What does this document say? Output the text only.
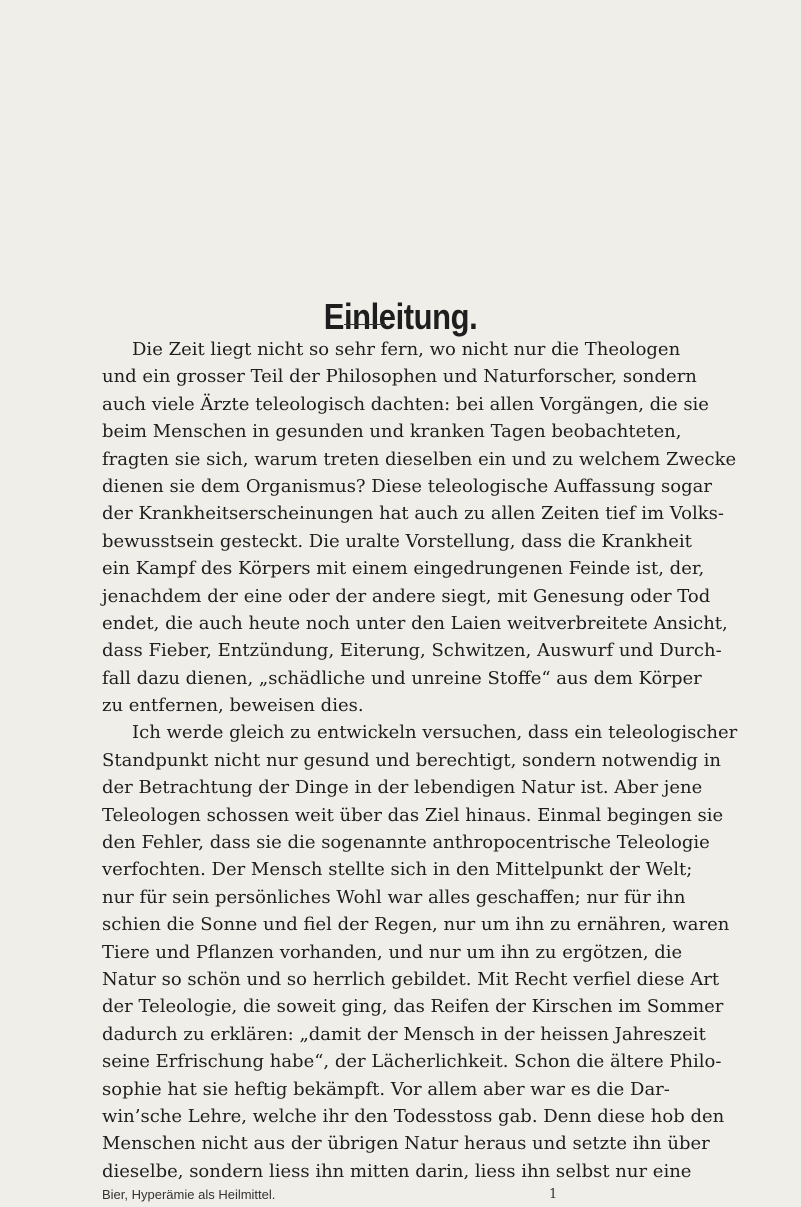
Einleitung.
Die Zeit liegt nicht so sehr fern, wo nicht nur die Theologen
und ein grosser Teil der Philosophen und Naturforscher, sondern
auch viele Ärzte teleologisch dachten: bei allen Vorgängen, die sie
beim Menschen in gesunden und kranken Tagen beobachteten,
fragten sie sich, warum treten dieselben ein und zu welchem Zwecke
dienen sie dem Organismus? Diese teleologische Auffassung sogar
der Krankheitserscheinungen hat auch zu allen Zeiten tief im Volks-
bewusstsein gesteckt. Die uralte Vorstellung, dass die Krankheit
ein Kampf des Körpers mit einem eingedrungenen Feinde ist, der,
jenachdem der eine oder der andere siegt, mit Genesung oder Tod
endet, die auch heute noch unter den Laien weitverbreitete Ansicht,
dass Fieber, Entzündung, Eiterung, Schwitzen, Auswurf und Durch-
fall dazu dienen, „schädliche und unreine Stoffe“ aus dem Körper
zu entfernen, beweisen dies.
Ich werde gleich zu entwickeln versuchen, dass ein teleologischer
Standpunkt nicht nur gesund und berechtigt, sondern notwendig in
der Betrachtung der Dinge in der lebendigen Natur ist. Aber jene
Teleologen schossen weit über das Ziel hinaus. Einmal begingen sie
den Fehler, dass sie die sogenannte anthropocentrische Teleologie
verfochten. Der Mensch stellte sich in den Mittelpunkt der Welt;
nur für sein persönliches Wohl war alles geschaffen; nur für ihn
schien die Sonne und fiel der Regen, nur um ihn zu ernähren, waren
Tiere und Pflanzen vorhanden, und nur um ihn zu ergötzen, die
Natur so schön und so herrlich gebildet. Mit Recht verfiel diese Art
der Teleologie, die soweit ging, das Reifen der Kirschen im Sommer
dadurch zu erklären: „damit der Mensch in der heissen Jahreszeit
seine Erfrischung habe“, der Lächerlichkeit. Schon die ältere Philo-
sophie hat sie heftig bekämpft. Vor allem aber war es die Dar-
win’sche Lehre, welche ihr den Todesstoss gab. Denn diese hob den
Menschen nicht aus der übrigen Natur heraus und setzte ihn über
dieselbe, sondern liess ihn mitten darin, liess ihn selbst nur eine
Bier, Hyperämie als Heilmittel.	1
